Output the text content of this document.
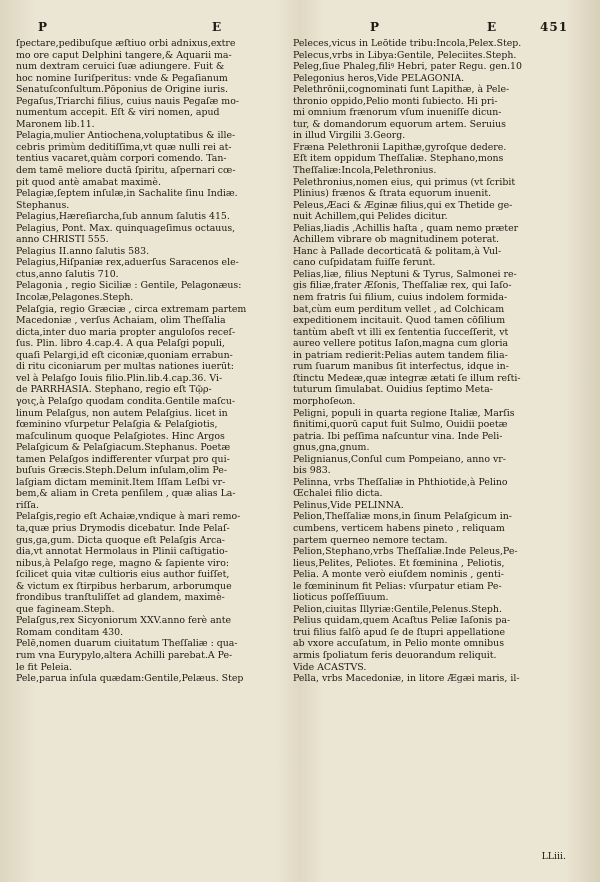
P	E	P	E	451
ſpectare,pedibuſque æſtiuo orbi adnixus,extre
mo ore caput Delphini tangere,& Aquarii ma-
num dextram ceruici ſuæ adiungere. Fuit &
hoc nomine Iuriſperitus: vnde & Pegaſianum
Senatuſconſultum.Pōponius de Origine iuris.
Pegaſus,Triarchi filius, cuius nauis Pegaſæ mo-
numentum accepit. Eſt & viri nomen, apud
Maronem lib.11.
Pelagia,mulier Antiochena,voluptatibus & ille-
cebris primùm deditiſſima,vt quæ nulli rei at-
tentius vacaret,quàm corpori comendo. Tan-
dem tamē meliore ductā ſpiritu, aſpernari cœ-
pit quod antè amabat maximè.
Pelagiæ,ſeptem inſulæ,in Sachalite ſinu Indiæ.
Stephanus.
Pelagius,Hæreſiarcha,ſub annum ſalutis 415.
Pelagius, Pont. Max. quinquageſimus octauus,
anno CHRISTI 555.
Pelagius II.anno ſalutis 583.
Pelagius,Hiſpaniæ rex,aduerſus Saracenos ele-
ctus,anno ſalutis 710.
Pelagonia , regio Siciliæ : Gentile, Pelagonæus:
Incolæ,Pelagones.Steph.
Pelaſgia, regio Græciæ , circa extremam partem
Macedoniæ , verſus Achaiam, olim Theſſalia
dicta,inter duo maria propter anguloſos receſ-
ſus. Plin. libro 4.cap.4. A qua Pelaſgi populi,
quaſi Pelargi,id eſt ciconiæ,quoniam errabun-
di ritu ciconiarum per multas nationes iuerūt:
vel à Pelaſgo Iouis filio.Plin.lib.4.cap.36. Vi-
de PARRHASIA. Stephano, regio eſt Τῷρ-
γοις,à Pelaſgo quodam condita.Gentile maſcu-
linum Pelaſgus, non autem Pelaſgius. licet in
fœminino vſurpetur Pelaſgia & Pelaſgiotis,
maſculinum quoque Pelaſgiotes. Hinc Argos
Pelaſgicum & Pelaſgiacum.Stephanus. Poetæ
tamen Pelaſgos indifferenter vſurpat pro qui-
buſuis Græcis.Steph.Delum inſulam,olim Pe-
laſgiam dictam meminit.Item Iſſam Leſbi vr-
bem,& aliam in Creta penſilem , quæ alias La-
riſſa.
Pelaſgis,regio eſt Achaiæ,vndique à mari remo-
ta,quæ prius Drymodis dicebatur. Inde Pelaſ-
gus,ga,gum. Dicta quoque eſt Pelaſgis Arca-
dia,vt annotat Hermolaus in Plinii caſtigatio-
nibus,à Pelaſgo rege, magno & ſapiente viro:
ſcilicet quia vitæ cultioris eius author fuiſſet,
& victum ex ſtirpibus herbarum, arborumque
frondibus tranſtuliſſet ad glandem, maximè-
que fagineam.Steph.
Pelaſgus,rex Sicyoniorum XXV.anno ferè ante
Romam conditam 430.
Pelē,nomen duarum ciuitatum Theſſaliæ : qua-
rum vna Eurypylo,altera Achilli parebat.A Pe-
le fit Peleia.
Pele,parua inſula quædam:Gentile,Pelæus. Step
Peleces,vicus in Leōtide tribu:Incola,Pelex.Step.
Pelecus,vrbs in Libya:Gentile, Peleciites.Steph.
Peleg,ſiue Phaleg,filiꝰ Hebri, pater Regu. gen.10
Pelegonius heros,Vide PELAGONIA.
Pelethrōnii,cognominati ſunt Lapithæ, à Pele-
thronio oppido,Pelio monti ſubiecto. Hi pri-
mi omnium frænorum vſum inueniſſe dicun-
tur, & domandorum equorum artem. Seruius
in illud Virgilii 3.Georg.
Fræna Pelethronii Lapithæ,gyroſque dedere.
Eſt item oppidum Theſſaliæ. Stephano,mons
Theſſaliæ:Incola,Pelethronius.
Pelethronius,nomen eius, qui primus (vt ſcribit
Plinius) frænos & ſtrata equorum inuenit.
Peleus,Æaci & Æginæ filius,qui ex Thetide ge-
nuit Achillem,qui Pelides dicitur.
Pelias,liadis ,Achillis haſta , quam nemo præter
Achillem vibrare ob magnitudinem poterat.
Hanc à Pallade decorticatā & politam,à Vul-
cano cuſpidatam fuiſſe ferunt.
Pelias,liæ, filius Neptuni & Tyrus, Salmonei re-
gis filiæ,frater Æſonis, Theſſaliæ rex, qui Iaſo-
nem fratris ſui filium, cuius indolem formida-
bat,cùm eum perditum vellet , ad Colchicam
expeditionem incitauit. Quod tamen cōſilium
tantùm abeſt vt illi ex ſententia ſucceſſerit, vt
aureo vellere potitus Iaſon,magna cum gloria
in patriam redierit:Pelias autem tandem filia-
rum ſuarum manibus ſit interfectus, idque in-
ſtinctu Medeæ,quæ integræ ætati ſe illum reſti-
tuturum ſimulabat. Ouidius ſeptimo Meta-
morphoſeωn.
Peligni, populi in quarta regione Italiæ, Marſis
finitimi,quorū caput fuit Sulmo, Ouidii poetæ
patria. Ibi peſſima naſcuntur vina. Inde Peli-
gnus,gna,gnum.
Pelignianus,Conſul cum Pompeiano, anno vr-
bis 983.
Pelinna, vrbs Theſſaliæ in Phthiotide,à Pelino
Œchalei filio dicta.
Pelinus,Vide PELINNA.
Pelion,Theſſaliæ mons,in ſinum Pelaſgicum in-
cumbens, verticem habens pineto , reliquam
partem querneo nemore tectam.
Pelion,Stephano,vrbs Theſſaliæ.Inde Peleus,Pe-
lieus,Pelites, Peliotes. Et fœminina , Peliotis,
Pelia. A monte verò eiuſdem nominis , genti-
le fœmininum fit Pelias: vſurpatur etiam Pe-
lioticus poſſeſſiuum.
Pelion,ciuitas Illyriæ:Gentile,Pelenus.Steph.
Pelius quidam,quem Acaſtus Peliæ Iaſonis pa-
trui filius falſò apud ſe de ſtupri appellatione
ab vxore accuſatum, in Pelio monte omnibus
armis ſpoliatum feris deuorandum reliquit.
Vide ACASTVS.
Pella, vrbs Macedoniæ, in litore Ægæi maris, il-
LLiii.
